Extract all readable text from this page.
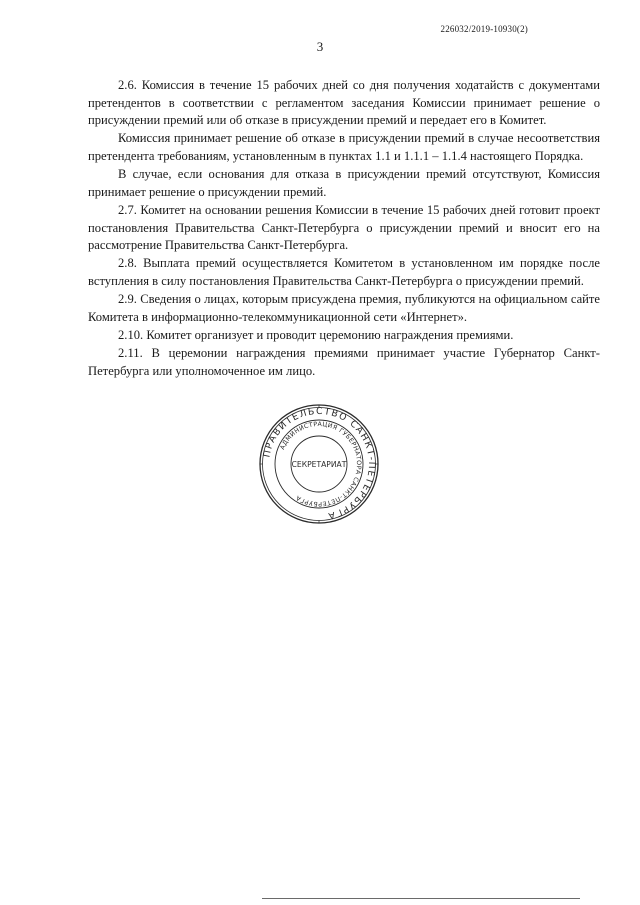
226032/2019-10930(2)
3

2.6. Комиссия в течение 15 рабочих дней со дня получения ходатайств с документами претендентов в соответствии с регламентом заседания Комиссии принимает решение о присуждении премий или об отказе в присуждении премий и передает его в Комитет.

Комиссия принимает решение об отказе в присуждении премий в случае несоответствия претендента требованиям, установленным в пунктах 1.1 и 1.1.1 – 1.1.4 настоящего Порядка.

В случае, если основания для отказа в присуждении премий отсутствуют, Комиссия принимает решение о присуждении премий.

2.7. Комитет на основании решения Комиссии в течение 15 рабочих дней готовит проект постановления Правительства Санкт-Петербурга о присуждении премий и вносит его на рассмотрение Правительства Санкт-Петербурга.

2.8. Выплата премий осуществляется Комитетом в установленном им порядке после вступления в силу постановления Правительства Санкт-Петербурга о присуждении премий.

2.9. Сведения о лицах, которым присуждена премия, публикуются на официальном сайте Комитета в информационно-телекоммуникационной сети «Интернет».

2.10. Комитет организует и проводит церемонию награждения премиями.

2.11. В церемонии награждения премиями принимает участие Губернатор Санкт-Петербурга или уполномоченное им лицо.

ПРАВИТЕЛЬСТВО САНКТ-ПЕТЕРБУРГА
АДМИНИСТРАЦИЯ ГУБЕРНАТОРА САНКТ-ПЕТЕРБУРГА
СЕКРЕТАРИАТ
